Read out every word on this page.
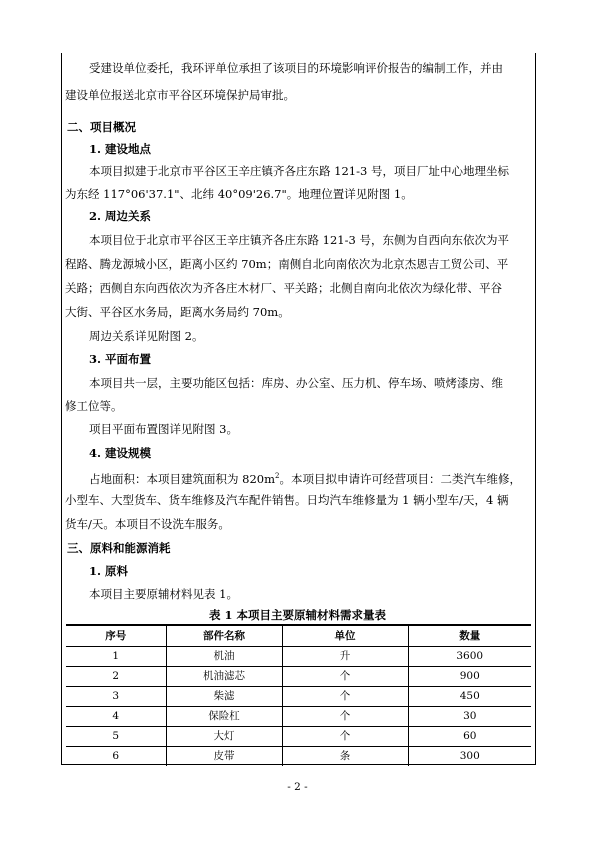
受建设单位委托，我环评单位承担了该项目的环境影响评价报告的编制工作，并由

建设单位报送北京市平谷区环境保护局审批。

二、项目概况

1. 建设地点

本项目拟建于北京市平谷区王辛庄镇齐各庄东路 121-3 号，项目厂址中心地理坐标

为东经 117°06'37.1"、北纬 40°09'26.7"。地理位置详见附图 1。

2. 周边关系

本项目位于北京市平谷区王辛庄镇齐各庄东路 121-3 号，东侧为自西向东依次为平

程路、腾龙源城小区，距离小区约 70m；南侧自北向南依次为北京杰恩吉工贸公司、平

关路；西侧自东向西依次为齐各庄木材厂、平关路；北侧自南向北依次为绿化带、平谷

大街、平谷区水务局，距离水务局约 70m。

周边关系详见附图 2。

3. 平面布置

本项目共一层，主要功能区包括：库房、办公室、压力机、停车场、喷烤漆房、维

修工位等。

项目平面布置图详见附图 3。

4. 建设规模

占地面积：本项目建筑面积为 $820m^2$。本项目拟申请许可经营项目：二类汽车维修，

小型车、大型货车、货车维修及汽车配件销售。日均汽车维修量为 1 辆小型车/天，4 辆

货车/天。本项目不设洗车服务。

三、原料和能源消耗

1. 原料

本项目主要原辅材料见表 1。

表 1 本项目主要原辅材料需求量表
序号	部件名称	单位	数量
1	机油	升	3600
2	机油滤芯	个	900
3	柴滤	个	450
4	保险杠	个	30
5	大灯	个	60
6	皮带	条	300
- 2 -
